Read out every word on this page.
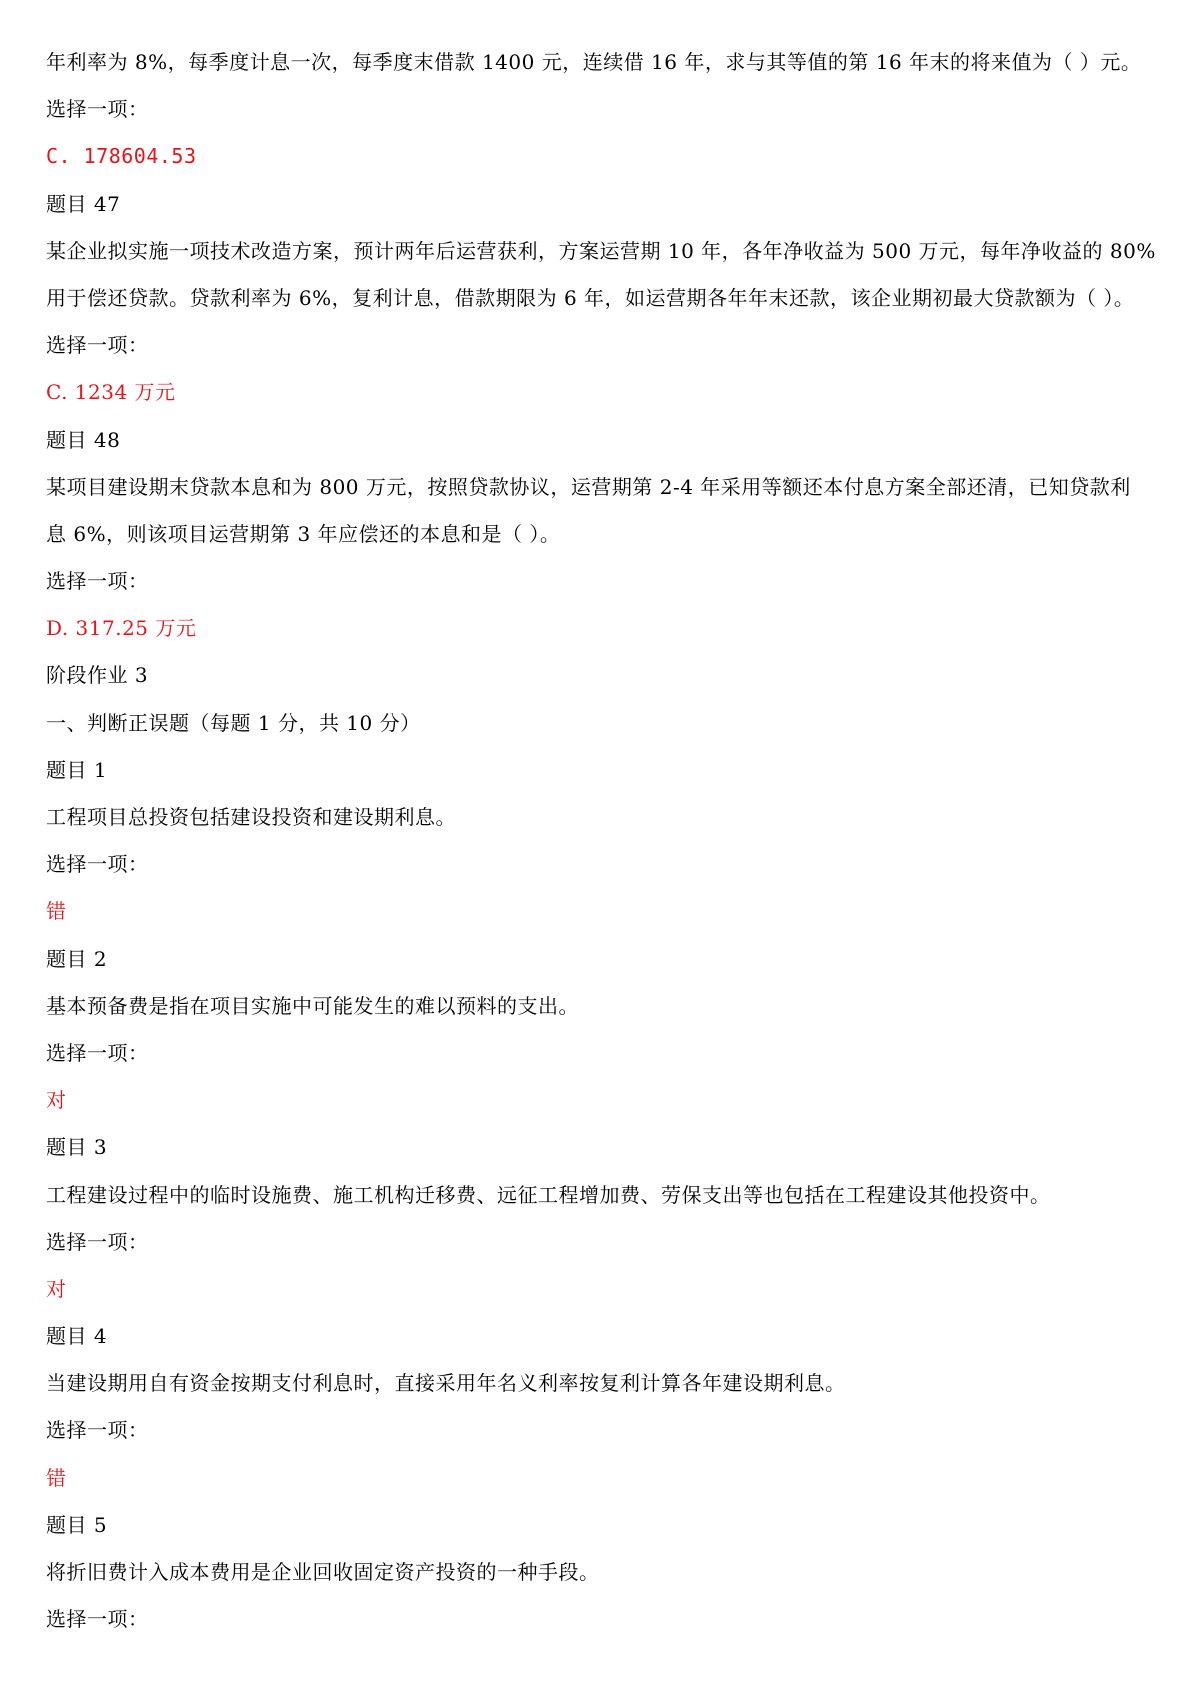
年利率为 8%，每季度计息一次，每季度末借款 1400 元，连续借 16 年，求与其等值的第 16 年末的将来值为（ ）元。
选择一项：
C. 178604.53
题目 47
某企业拟实施一项技术改造方案，预计两年后运营获利，方案运营期 10 年，各年净收益为 500 万元，每年净收益的 80%
用于偿还贷款。贷款利率为 6%，复利计息，借款期限为 6 年，如运营期各年年末还款，该企业期初最大贷款额为（ ）。
选择一项：
C. 1234 万元
题目 48
某项目建设期末贷款本息和为 800 万元，按照贷款协议，运营期第 2-4 年采用等额还本付息方案全部还清，已知贷款利
息 6%，则该项目运营期第 3 年应偿还的本息和是（ ）。
选择一项：
D. 317.25 万元
阶段作业 3
一、判断正误题（每题 1 分，共 10 分）
题目 1
工程项目总投资包括建设投资和建设期利息。
选择一项：
错
题目 2
基本预备费是指在项目实施中可能发生的难以预料的支出。
选择一项：
对
题目 3
工程建设过程中的临时设施费、施工机构迁移费、远征工程增加费、劳保支出等也包括在工程建设其他投资中。
选择一项：
对
题目 4
当建设期用自有资金按期支付利息时，直接采用年名义利率按复利计算各年建设期利息。
选择一项：
错
题目 5
将折旧费计入成本费用是企业回收固定资产投资的一种手段。
选择一项：
